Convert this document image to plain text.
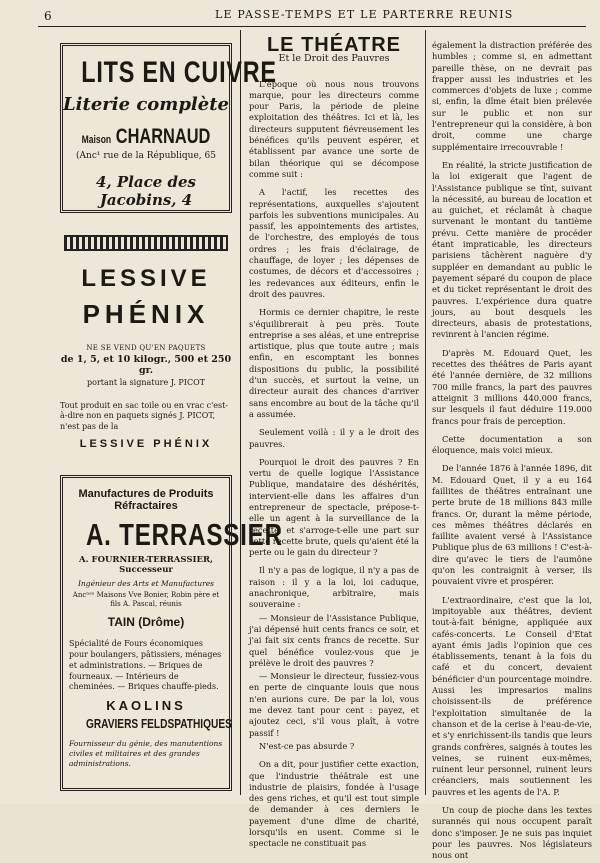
6	LE PASSE-TEMPS ET LE PARTERRE REUNIS
LITS EN CUIVRE
Literie complète
Maison CHARNAUD
(Anc¹ rue de la République, 65
4, Place des Jacobins, 4
LESSIVE
PHÉNIX
NE SE VEND QU'EN PAQUETS
de 1, 5, et 10 kilogr., 500 et 250 gr.
portant la signature J. PICOT
Tout produit en sac toile ou en vrac c'est-à-dire non en paquets signés J. PICOT, n'est pas de la
LESSIVE PHÉNIX
Manufactures de Produits Réfractaires
A. TERRASSIER
A. FOURNIER-TERRASSIER, Successeur
Ingénieur des Arts et Manufactures
Ancⁿᵉˢ Maisons Vve Bonier, Robin père et fils A. Pascal, réunis
TAIN (Drôme)
Spécialité de Fours économiques pour boulangers, pâtissiers, ménages et administrations. — Briques de fourneaux. — Intérieurs de cheminées. — Briques chauffe-pieds.
KAOLINS
GRAVIERS FELDSPATHIQUES
Fournisseur du génie, des manutentions civiles et militaires et des grandes administrations.
LE THÉATRE
Et le Droit des Pauvres

L'époque où nous nous trouvons marque, pour les directeurs comme pour Paris, la période de pleine exploitation des théâtres. Ici et là, les directeurs supputent fiévreusement les bénéfices qu'ils peuvent espérer, et établissent par avance une sorte de bilan théorique qui se décompose comme suit :

A l'actif, les recettes des représentations, auxquelles s'ajoutent parfois les subventions municipales. Au passif, les appointements des artistes, de l'orchestre, des employés de tous ordres ; les frais d'éclairage, de chauffage, de loyer ; les dépenses de costumes, de décors et d'accessoires ; les redevances aux éditeurs, enfin le droit des pauvres.

Hormis ce dernier chapitre, le reste s'équilibrerait à peu près. Toute entreprise a ses aléas, et une entreprise artistique, plus que toute autre ; mais enfin, en escomptant les bonnes dispositions du public, la possibilité d'un succès, et surtout la veine, un directeur aurait des chances d'arriver sans encombre au bout de la tâche qu'il a assumée.

Seulement voilà : il y a le droit des pauvres.

Pourquoi le droit des pauvres ? En vertu de quelle logique l'Assistance Publique, mandataire des déshérités, intervient-elle dans les affaires d'un entrepreneur de spectacle, prépose-t-elle un agent à la surveillance de la recette, et s'arroge-t-elle une part sur cette recette brute, quels qu'aient été la perte ou le gain du directeur ?

Il n'y a pas de logique, il n'y a pas de raison : il y a la loi, loi caduque, anachronique, arbitraire, mais souveraine :

— Monsieur de l'Assistance Publique, j'ai dépensé huit cents francs ce soir, et j'ai fait six cents francs de recette. Sur quel bénéfice voulez-vous que je prélève le droit des pauvres ?

— Monsieur le directeur, fussiez-vous en perte de cinquante louis que nous n'en aurions cure. De par la loi, vous me devez tant pour cent : payez, et ajoutez ceci, s'il vous plaît, à votre passif !

N'est-ce pas absurde ?

On a dit, pour justifier cette exaction, que l'industrie théâtrale est une industrie de plaisirs, fondée à l'usage des gens riches, et qu'il est tout simple de demander à ces derniers le payement d'une dîme de charité, lorsqu'ils en usent. Comme si le spectacle ne constituait pas

également la distraction préférée des humbles ; comme si, en admettant pareille thèse, on ne devrait pas frapper aussi les industries et les commerces d'objets de luxe ; comme si, enfin, la dîme était bien prélevée sur le public et non sur l'entrepreneur qui la considère, à bon droit, comme une charge supplémentaire irrecouvrable !

En réalité, la stricte justification de la loi exigerait que l'agent de l'Assistance publique se tînt, suivant la nécessité, au bureau de location et au guichet, et réclamât à chaque survenant le montant du tantième prévu. Cette manière de procéder étant impraticable, les directeurs parisiens tâchèrent naguère d'y suppléer en demandant au public le payement séparé du coupon de place et du ticket représentant le droit des pauvres. L'expérience dura quatre jours, au bout desquels les directeurs, abasis de protestations, revinrent à l'ancien régime.

D'après M. Edouard Quet, les recettes des théâtres de Paris ayant été l'année dernière, de 32 millions 700 mille francs, la part des pauvres atteignit 3 millions 440.000 francs, sur lesquels il faut déduire 119.000 francs pour frais de perception.

Cette documentation a son éloquence, mais voici mieux.

De l'année 1876 à l'année 1896, dit M. Edouard Quet, il y a eu 164 faillites de théâtres entraînant une perte brute de 18 millions 843 mille francs. Or, durant la même période, ces mêmes théâtres déclarés en faillite avaient versé à l'Assistance Publique plus de 63 millions ! C'est-à-dire qu'avec le tiers de l'aumône qu'on les contraignit à verser, ils pouvaient vivre et prospérer.

L'extraordinaire, c'est que la loi, impitoyable aux théâtres, devient tout-à-fait bénigne, appliquée aux cafés-concerts. Le Conseil d'Etat ayant émis jadis l'opinion que ces établissements, tenant à la fois du café et du concert, devaient bénéficier d'un pourcentage moindre. Aussi les impresarios malins choisissent-ils de préférence l'exploitation simultanée de la chanson et de la cerise à l'eau-de-vie, et s'y enrichissent-ils tandis que leurs grands confrères, saignés à toutes les veines, se ruinent eux-mêmes, ruinent leur personnel, ruinent leurs créanciers, mais soutiennent les pauvres et les agents de l'A. P.

Un coup de pioche dans les textes surannés qui nous occupent paraît donc s'imposer. Je ne suis pas inquiet pour les pauvres. Nos législateurs nous ont
